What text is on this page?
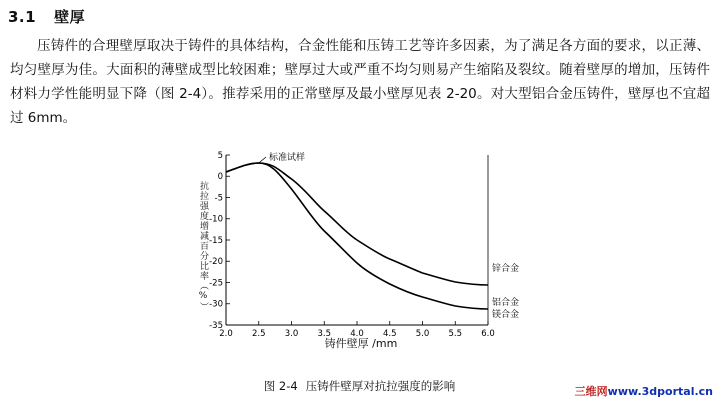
3.1 壁厚

压铸件的合理壁厚取决于铸件的具体结构，合金性能和压铸工艺等许多因素，为了满足各方面的要求，以正薄、均匀壁厚为佳。大面积的薄壁成型比较困难；壁厚过大或严重不均匀则易产生缩陷及裂纹。随着壁厚的增加，压铸件材料力学性能明显下降（图 2-4）。推荐采用的正常壁厚及最小壁厚见表 2-20。对大型铝合金压铸件，壁厚也不宜超过 6mm。

抗拉强度增减百分比率（%）
5
0
-5
-10
-15
-20
-25
-30
-35
2.0 2.5 3.0 3.5 4.0 4.5 5.0 5.5 6.0
标准试样
锌合金
铝合金
镁合金
铸件壁厚 /mm
图 2-4 压铸件壁厚对抗拉强度的影响	三维网www.3dportal.cn
